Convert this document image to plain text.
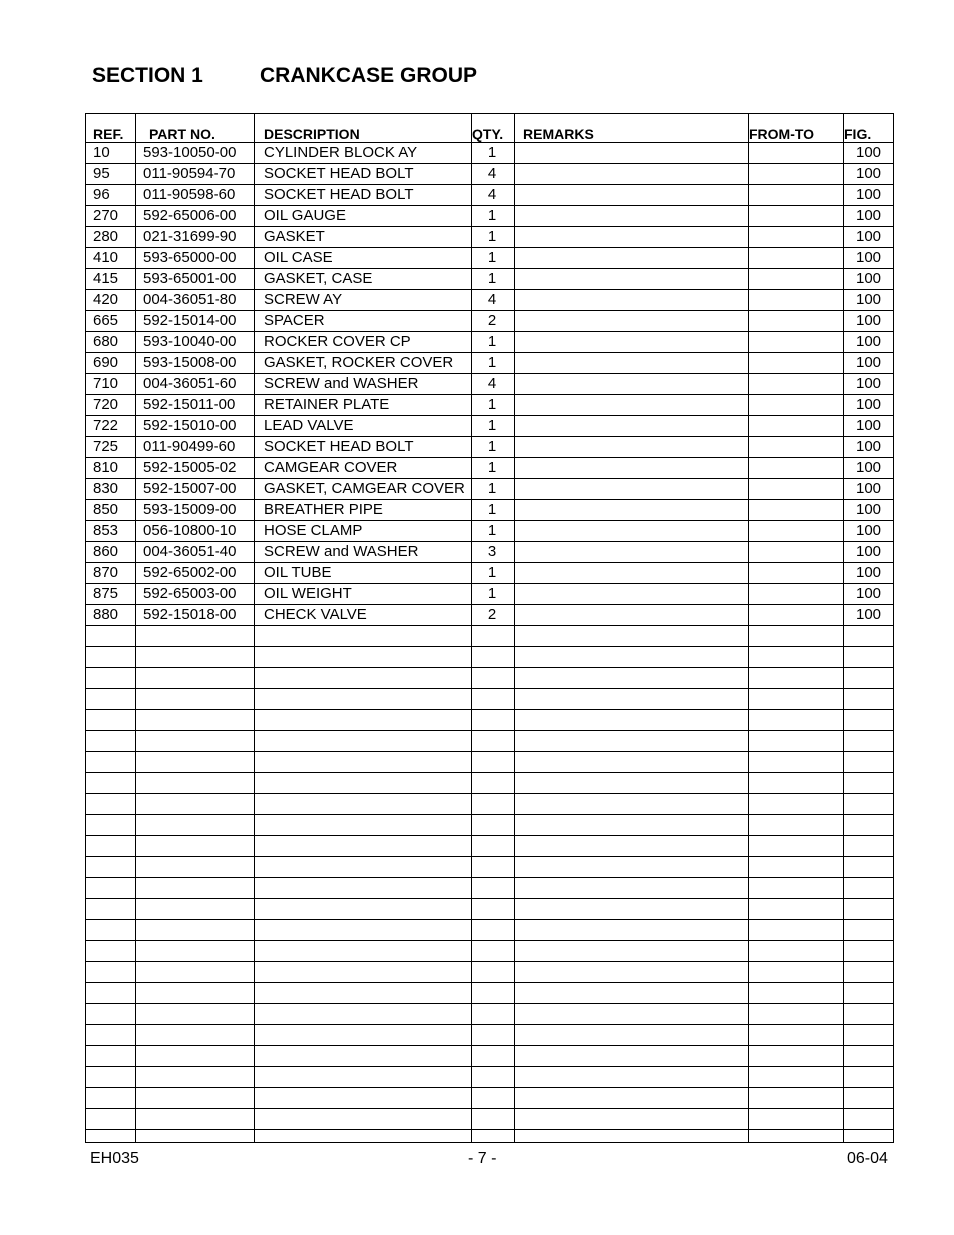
SECTION 1	CRANKCASE GROUP
REF.	PART NO.	DESCRIPTION	QTY.	REMARKS	FROM-TO	FIG.
10	593-10050-00	CYLINDER BLOCK AY	1			100
95	011-90594-70	SOCKET HEAD BOLT	4			100
96	011-90598-60	SOCKET HEAD BOLT	4			100
270	592-65006-00	OIL GAUGE	1			100
280	021-31699-90	GASKET	1			100
410	593-65000-00	OIL CASE	1			100
415	593-65001-00	GASKET, CASE	1			100
420	004-36051-80	SCREW AY	4			100
665	592-15014-00	SPACER	2			100
680	593-10040-00	ROCKER COVER CP	1			100
690	593-15008-00	GASKET, ROCKER COVER	1			100
710	004-36051-60	SCREW and WASHER	4			100
720	592-15011-00	RETAINER PLATE	1			100
722	592-15010-00	LEAD VALVE	1			100
725	011-90499-60	SOCKET HEAD BOLT	1			100
810	592-15005-02	CAMGEAR COVER	1			100
830	592-15007-00	GASKET, CAMGEAR COVER	1			100
850	593-15009-00	BREATHER PIPE	1			100
853	056-10800-10	HOSE CLAMP	1			100
860	004-36051-40	SCREW and WASHER	3			100
870	592-65002-00	OIL TUBE	1			100
875	592-65003-00	OIL WEIGHT	1			100
880	592-15018-00	CHECK VALVE	2			100

EH035	- 7 -	06-04
